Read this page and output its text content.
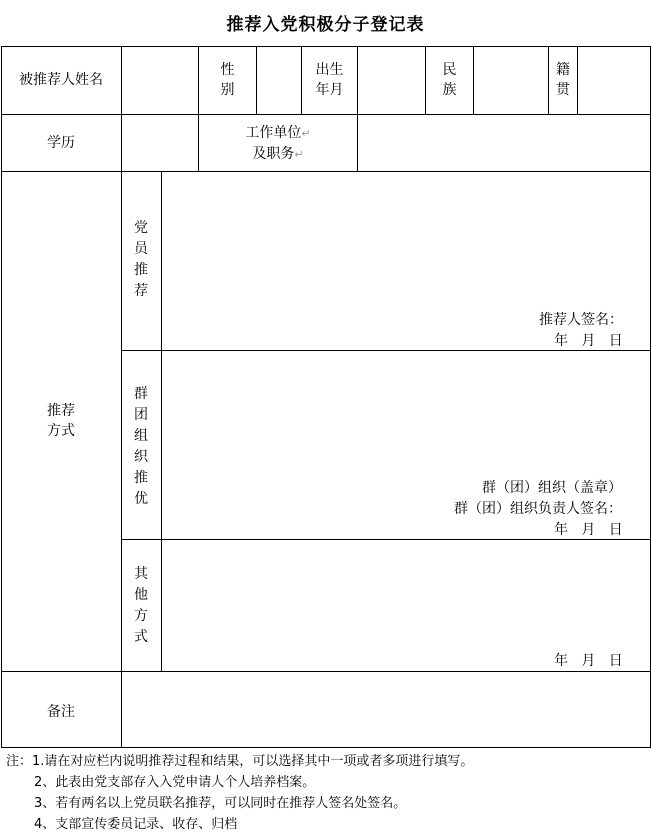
推荐入党积极分子登记表
被推荐人姓名
性
别
出生
年月
民
族
籍
贯
学历
工作单位↵
及职务↵
推荐
方式
党员推荐
推荐人签名：
年   月   日
群团组织推优
群（团）组织（盖章）
群（团）组织负责人签名：
年   月   日
其他方式
年   月   日
备注
注：1.请在对应栏内说明推荐过程和结果，可以选择其中一项或者多项进行填写。
2、此表由党支部存入入党申请人个人培养档案。
3、若有两名以上党员联名推荐，可以同时在推荐人签名处签名。
4、支部宣传委员记录、收存、归档
